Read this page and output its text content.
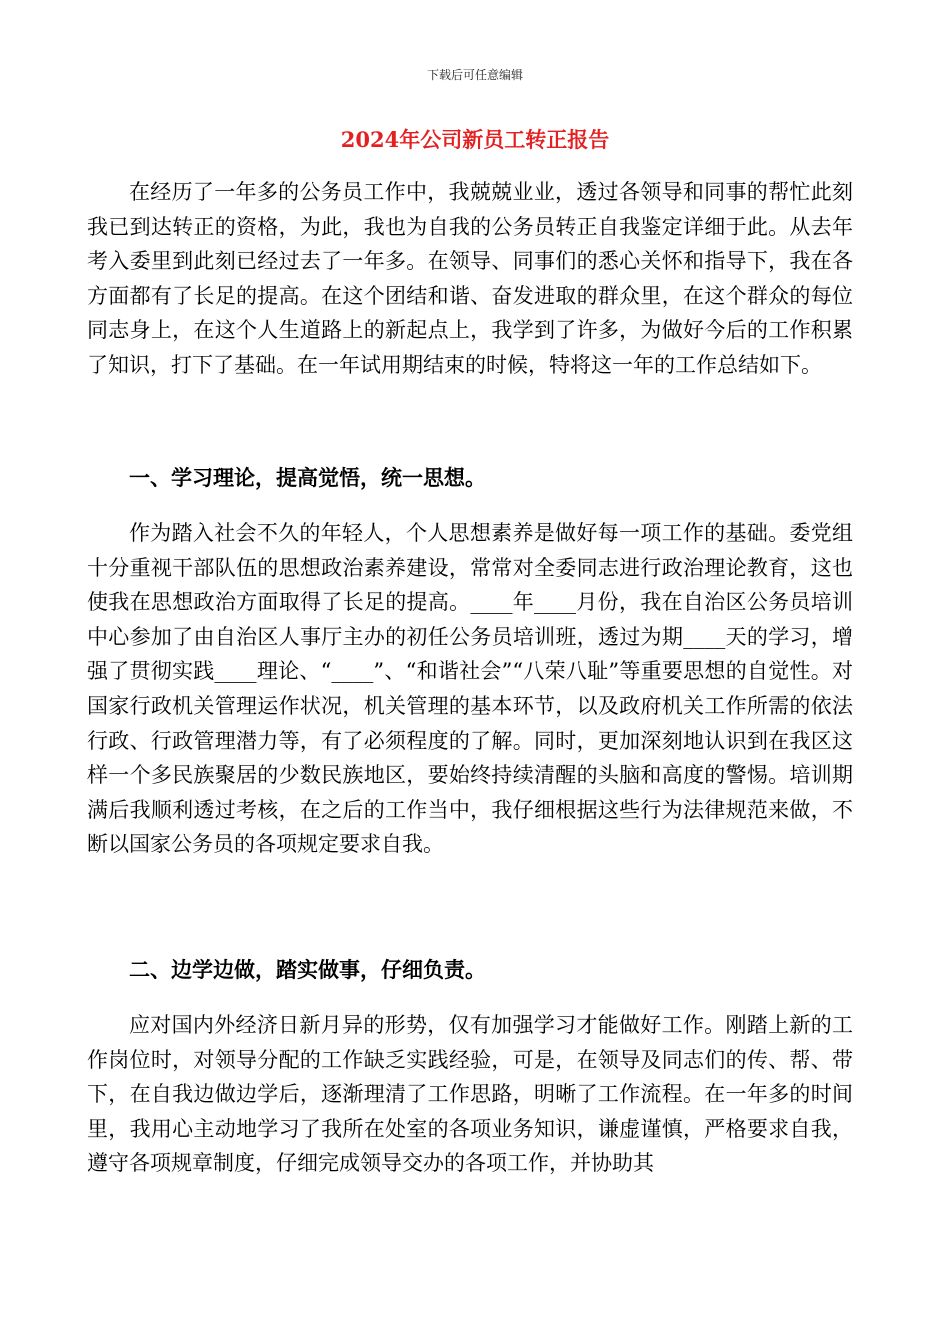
下载后可任意编辑
2024年公司新员工转正报告
在经历了一年多的公务员工作中，我兢兢业业，透过各领导和同事的帮忙此刻我已到达转正的资格，为此，我也为自我的公务员转正自我鉴定详细于此。从去年考入委里到此刻已经过去了一年多。在领导、同事们的悉心关怀和指导下，我在各方面都有了长足的提高。在这个团结和谐、奋发进取的群众里，在这个群众的每位同志身上，在这个人生道路上的新起点上，我学到了许多，为做好今后的工作积累了知识，打下了基础。在一年试用期结束的时候，特将这一年的工作总结如下。
一、学习理论，提高觉悟，统一思想。
作为踏入社会不久的年轻人，个人思想素养是做好每一项工作的基础。委党组十分重视干部队伍的思想政治素养建设，常常对全委同志进行政治理论教育，这也使我在思想政治方面取得了长足的提高。____年____月份，我在自治区公务员培训中心参加了由自治区人事厅主办的初任公务员培训班，透过为期____天的学习，增强了贯彻实践____理论、“____”、“和谐社会”“八荣八耻”等重要思想的自觉性。对国家行政机关管理运作状况，机关管理的基本环节，以及政府机关工作所需的依法行政、行政管理潜力等，有了必须程度的了解。同时，更加深刻地认识到在我区这样一个多民族聚居的少数民族地区，要始终持续清醒的头脑和高度的警惕。培训期满后我顺利透过考核，在之后的工作当中，我仔细根据这些行为法律规范来做，不断以国家公务员的各项规定要求自我。
二、边学边做，踏实做事，仔细负责。
应对国内外经济日新月异的形势，仅有加强学习才能做好工作。刚踏上新的工作岗位时，对领导分配的工作缺乏实践经验，可是，在领导及同志们的传、帮、带下，在自我边做边学后，逐渐理清了工作思路，明晰了工作流程。在一年多的时间里，我用心主动地学习了我所在处室的各项业务知识，谦虚谨慎，严格要求自我，遵守各项规章制度，仔细完成领导交办的各项工作，并协助其
